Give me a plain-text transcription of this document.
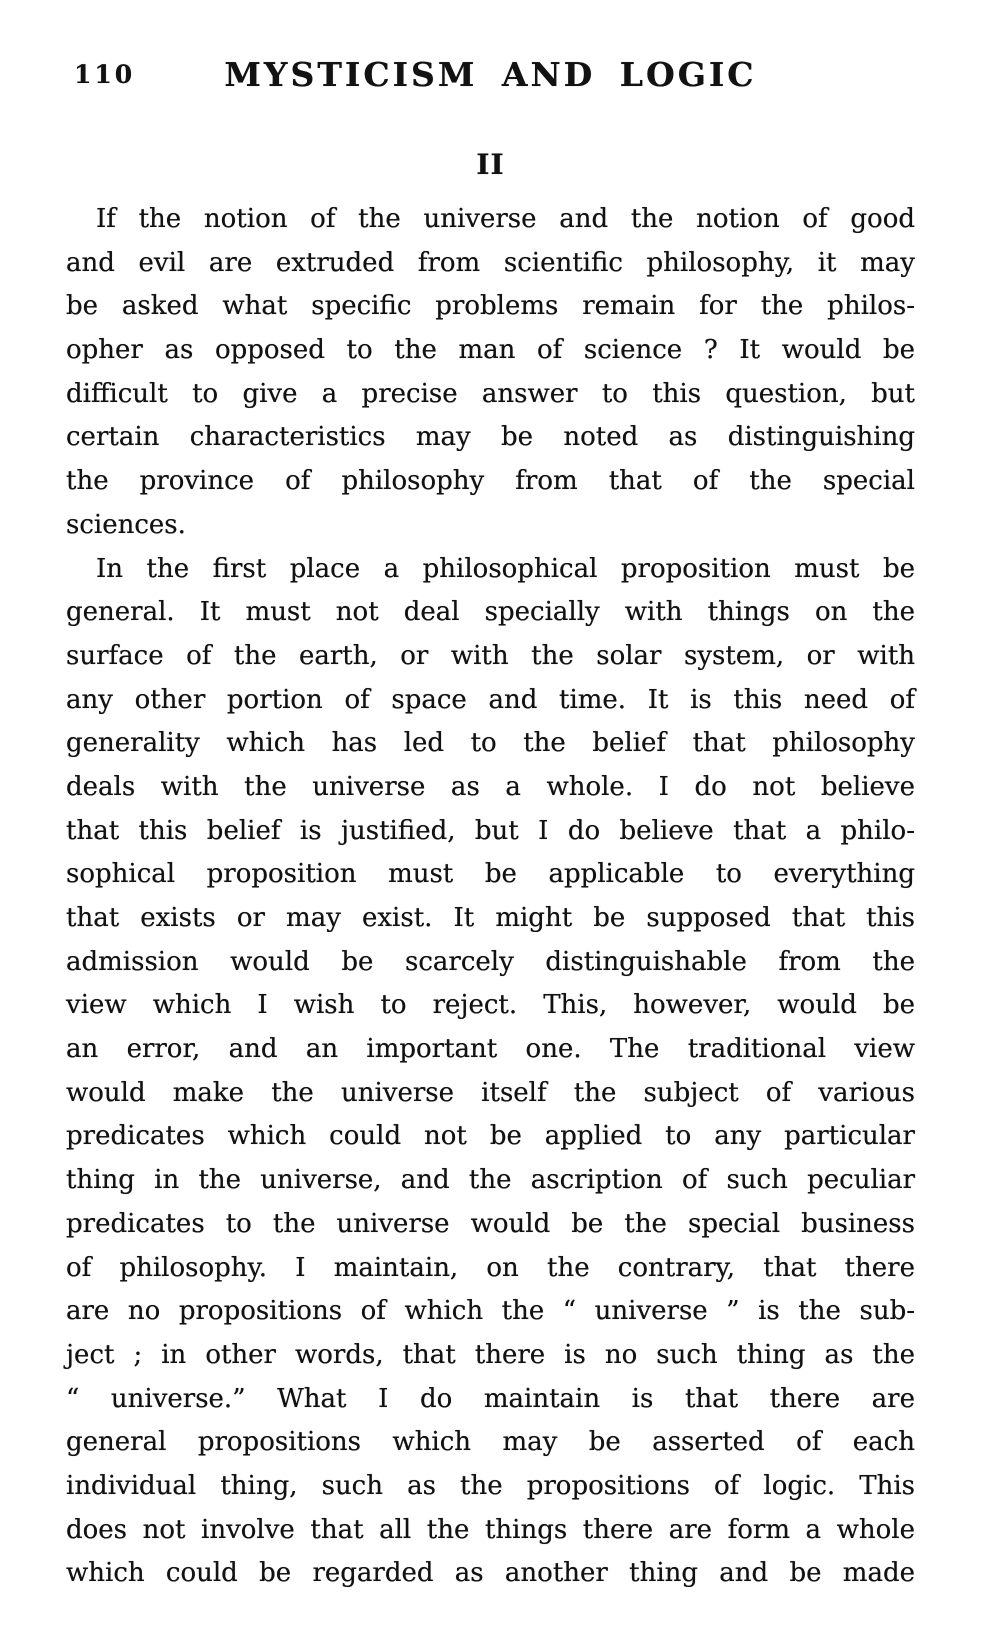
110	MYSTICISM AND LOGIC
II
If the notion of the universe and the notion of good
and evil are extruded from scientific philosophy, it may
be asked what specific problems remain for the philos-
opher as opposed to the man of science ? It would be
difficult to give a precise answer to this question, but
certain characteristics may be noted as distinguishing
the province of philosophy from that of the special
sciences.
In the first place a philosophical proposition must be
general. It must not deal specially with things on the
surface of the earth, or with the solar system, or with
any other portion of space and time. It is this need of
generality which has led to the belief that philosophy
deals with the universe as a whole. I do not believe
that this belief is justified, but I do believe that a philo-
sophical proposition must be applicable to everything
that exists or may exist. It might be supposed that this
admission would be scarcely distinguishable from the
view which I wish to reject. This, however, would be
an error, and an important one. The traditional view
would make the universe itself the subject of various
predicates which could not be applied to any particular
thing in the universe, and the ascription of such peculiar
predicates to the universe would be the special business
of philosophy. I maintain, on the contrary, that there
are no propositions of which the “ universe ” is the sub-
ject ; in other words, that there is no such thing as the
“ universe.” What I do maintain is that there are
general propositions which may be asserted of each
individual thing, such as the propositions of logic. This
does not involve that all the things there are form a whole
which could be regarded as another thing and be made
